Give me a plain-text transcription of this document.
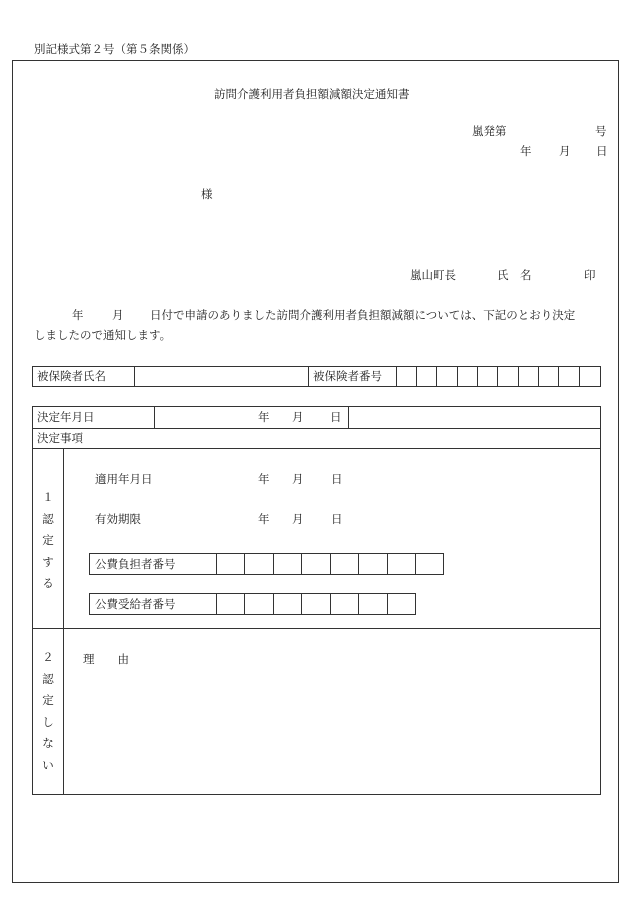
別記様式第２号（第５条関係）
訪問介護利用者負担額減額決定通知書
嵐発第	号
年 月 日
様
嵐山町長	氏　名	印
年 月 日付で申請のありました訪問介護利用者負担額減額については、下記のとおり決定
しましたので通知します。
被保険者氏名	被保険者番号
決定年月日	年 月 日
決定事項
１認定する
適用年月日	年 月 日
有効期限	年 月 日
公費負担者番号
公費受給者番号
２認定しない
理　　由
